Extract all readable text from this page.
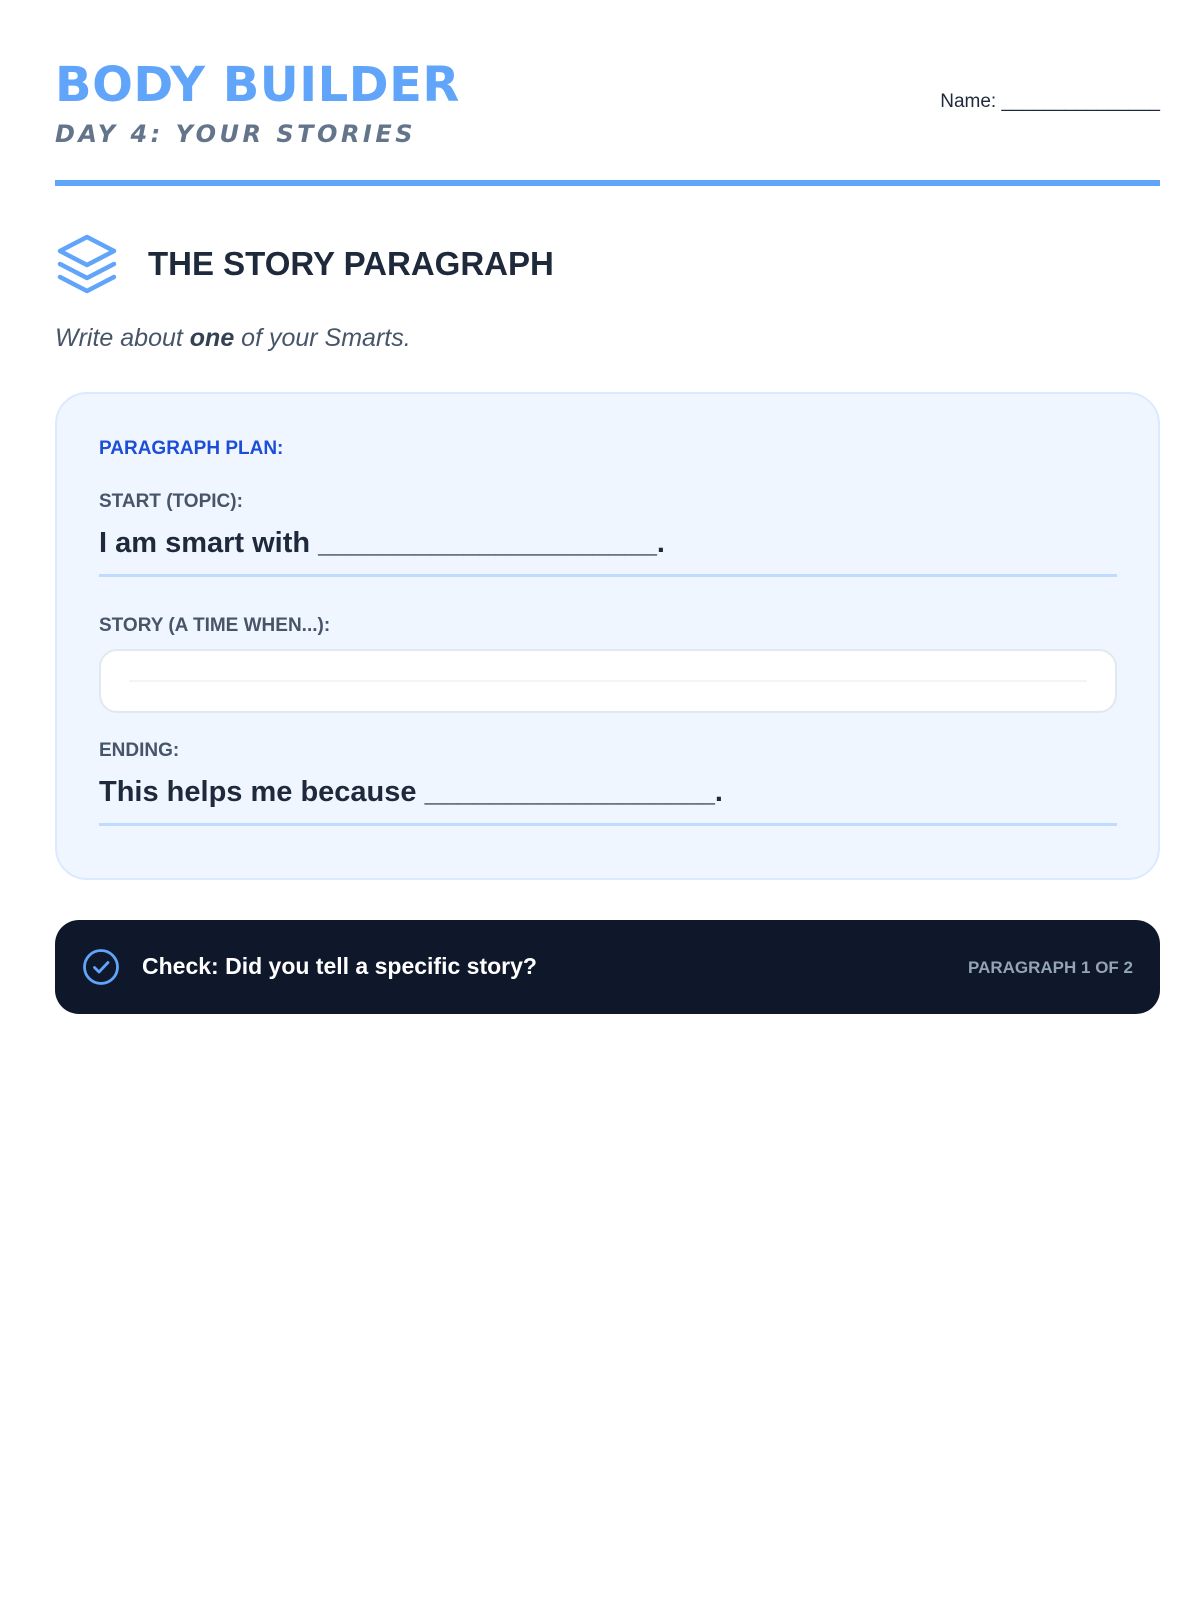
BODY BUILDER
DAY 4: YOUR STORIES
Name: _______________
THE STORY PARAGRAPH
Write about one of your Smarts.
PARAGRAPH PLAN:
START (TOPIC):
I am smart with _____________________.
STORY (A TIME WHEN...):
ENDING:
This helps me because __________________.
Check: Did you tell a specific story?	PARAGRAPH 1 OF 2
